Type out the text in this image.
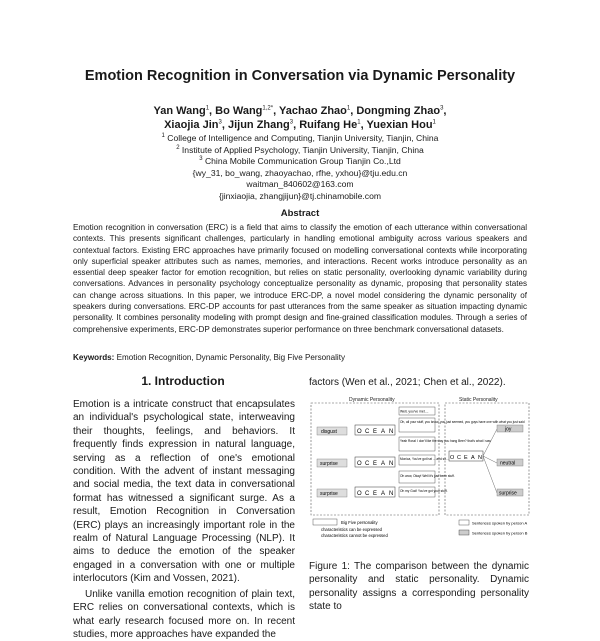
Emotion Recognition in Conversation via Dynamic Personality
Yan Wang$^1$, Bo Wang$^{1,2*}$, Yachao Zhao$^1$, Dongming Zhao$^3$,
Xiaojia Jin$^3$, Jijun Zhang$^3$, Ruifang He$^1$, Yuexian Hou$^1$
$^1$ College of Intelligence and Computing, Tianjin University, Tianjin, China
$^2$ Institute of Applied Psychology, Tianjin University, Tianjin, China
$^3$ China Mobile Communication Group Tianjin Co.,Ltd
{wy_31, bo_wang, zhaoyachao, rfhe, yxhou}@tju.edu.cn
waitman_840602@163.com
{jinxiaojia, zhangjijun}@tj.chinamobile.com
Abstract
Emotion recognition in conversation (ERC) is a field that aims to classify the emotion of each utterance within conversational contexts. This presents significant challenges, particularly in handling emotional ambiguity across various speakers and contextual factors. Existing ERC approaches have primarily focused on modelling conversational contexts while incorporating only superficial speaker attributes such as names, memories, and interactions. Recent works introduce personality as an essential deep speaker factor for emotion recognition, but relies on static personality, overlooking dynamic variability during conversations. Advances in personality psychology conceptualize personality as dynamic, proposing that personality states can change across situations. In this paper, we introduce ERC-DP, a novel model considering the dynamic personality of speakers during conversations. ERC-DP accounts for past utterances from the same speaker as situation impacting dynamic personality. It combines personality modeling with prompt design and fine-grained classification modules. Through a series of comprehensive experiments, ERC-DP demonstrates superior performance on three benchmark conversational datasets.
Keywords: Emotion Recognition, Dynamic Personality, Big Five Personality
1. Introduction

Emotion is a intricate construct that encapsulates an individual's psychological state, interweaving their thoughts, feelings, and behaviors. It frequently finds expression in natural language, serving as a reflection of one's emotional condition. With the advent of instant messaging and social media, the text data in conversational format has witnessed a significant surge. As a result, Emotion Recognition in Conversation (ERC) plays an increasingly important role in the realm of Natural Language Processing (NLP). It aims to deduce the emotion of the speaker engaged in a conversation with one or multiple interlocutors (Kim and Vossen, 2021).

Unlike vanilla emotion recognition of plain text, ERC relies on conversational contexts, which is what early research focused more on. In recent studies, more approaches have expanded the

factors (Wen et al., 2021; Chen et al., 2022).
Dynamic Personality	Static Personality
disgust	O C E A N
surprise	O C E A N
surprise	O C E A N
Well, you've met....
Oh, all your stuff, you know, you just seemed, you guys have one with what you just said
Yeah Ross! I don't like the way you hang Beer? that's what I saw
Monica, You've got hat ... and so...
Oh wow, Okay! Well it's just been stuff.
Oh my God! You've got your stuff.
O C E A N
joy
neutral
surprise
Big Five personality
characteristics can be expressed
characteristics cannot be expressed
Sentences spoken by person A
Sentences spoken by person B
Figure 1: The comparison between the dynamic personality and static personality. Dynamic personality assigns a corresponding personality state to
